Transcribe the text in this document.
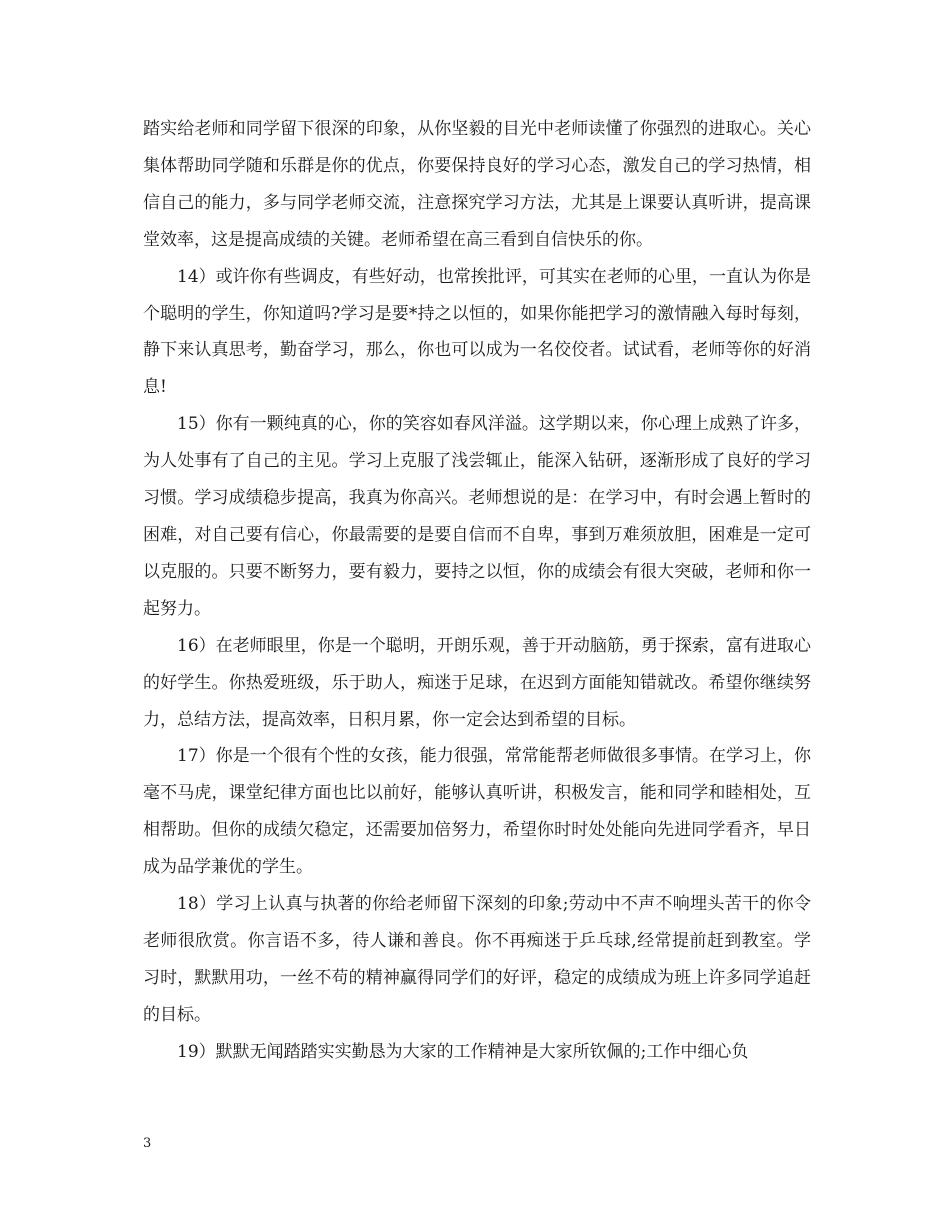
踏实给老师和同学留下很深的印象，从你坚毅的目光中老师读懂了你强烈的进取心。关心集体帮助同学随和乐群是你的优点，你要保持良好的学习心态，激发自己的学习热情，相信自己的能力，多与同学老师交流，注意探究学习方法，尤其是上课要认真听讲，提高课堂效率，这是提高成绩的关键。老师希望在高三看到自信快乐的你。

14）或许你有些调皮，有些好动，也常挨批评，可其实在老师的心里，一直认为你是个聪明的学生，你知道吗?学习是要*持之以恒的，如果你能把学习的激情融入每时每刻，静下来认真思考，勤奋学习，那么，你也可以成为一名佼佼者。试试看，老师等你的好消息!

15）你有一颗纯真的心，你的笑容如春风洋溢。这学期以来，你心理上成熟了许多，为人处事有了自己的主见。学习上克服了浅尝辄止，能深入钻研，逐渐形成了良好的学习习惯。学习成绩稳步提高，我真为你高兴。老师想说的是：在学习中，有时会遇上暂时的困难，对自己要有信心，你最需要的是要自信而不自卑，事到万难须放胆，困难是一定可以克服的。只要不断努力，要有毅力，要持之以恒，你的成绩会有很大突破，老师和你一起努力。

16）在老师眼里，你是一个聪明，开朗乐观，善于开动脑筋，勇于探索，富有进取心的好学生。你热爱班级，乐于助人，痴迷于足球，在迟到方面能知错就改。希望你继续努力，总结方法，提高效率，日积月累，你一定会达到希望的目标。

17）你是一个很有个性的女孩，能力很强，常常能帮老师做很多事情。在学习上，你毫不马虎，课堂纪律方面也比以前好，能够认真听讲，积极发言，能和同学和睦相处，互相帮助。但你的成绩欠稳定，还需要加倍努力，希望你时时处处能向先进同学看齐，早日成为品学兼优的学生。

18）学习上认真与执著的你给老师留下深刻的印象;劳动中不声不响埋头苦干的你令老师很欣赏。你言语不多，待人谦和善良。你不再痴迷于乒乓球,经常提前赶到教室。学习时，默默用功，一丝不苟的精神赢得同学们的好评，稳定的成绩成为班上许多同学追赶的目标。

19）默默无闻踏踏实实勤恳为大家的工作精神是大家所钦佩的;工作中细心负

3
